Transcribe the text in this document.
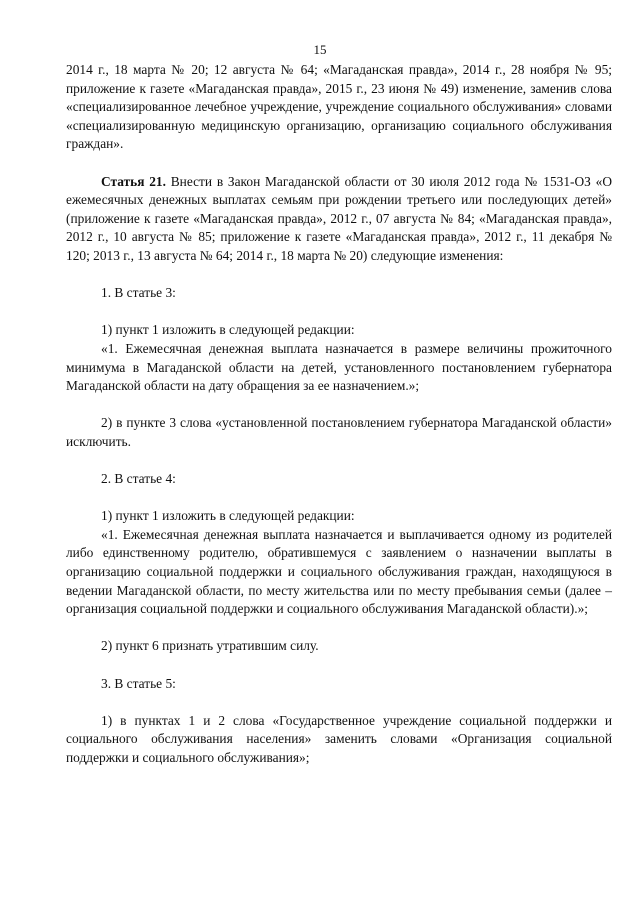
15

2014 г., 18 марта № 20; 12 августа № 64; «Магаданская правда», 2014 г., 28 ноября № 95; приложение к газете «Магаданская правда», 2015 г., 23 июня № 49) изменение, заменив слова «специализированное лечебное учреждение, учреждение социального обслуживания» словами «специализированную медицинскую организацию, организацию социального обслуживания граждан».

Статья 21. Внести в Закон Магаданской области от 30 июля 2012 года № 1531-ОЗ «О ежемесячных денежных выплатах семьям при рождении третьего или последующих детей» (приложение к газете «Магаданская правда», 2012 г., 07 августа № 84; «Магаданская правда», 2012 г., 10 августа № 85; приложение к газете «Магаданская правда», 2012 г., 11 декабря № 120; 2013 г., 13 августа № 64; 2014 г., 18 марта № 20) следующие изменения:

1. В статье 3:

1) пункт 1 изложить в следующей редакции:

«1. Ежемесячная денежная выплата назначается в размере величины прожиточного минимума в Магаданской области на детей, установленного постановлением губернатора Магаданской области на дату обращения за ее назначением.»;

2) в пункте 3 слова «установленной постановлением губернатора Магаданской области» исключить.

2. В статье 4:

1) пункт 1 изложить в следующей редакции:

«1. Ежемесячная денежная выплата назначается и выплачивается одному из родителей либо единственному родителю, обратившемуся с заявлением о назначении выплаты в организацию социальной поддержки и социального обслуживания граждан, находящуюся в ведении Магаданской области, по месту жительства или по месту пребывания семьи (далее – организация социальной поддержки и социального обслуживания Магаданской области).»;

2) пункт 6 признать утратившим силу.

3. В статье 5:

1) в пунктах 1 и 2 слова «Государственное учреждение социальной поддержки и социального обслуживания населения» заменить словами «Организация социальной поддержки и социального обслуживания»;
